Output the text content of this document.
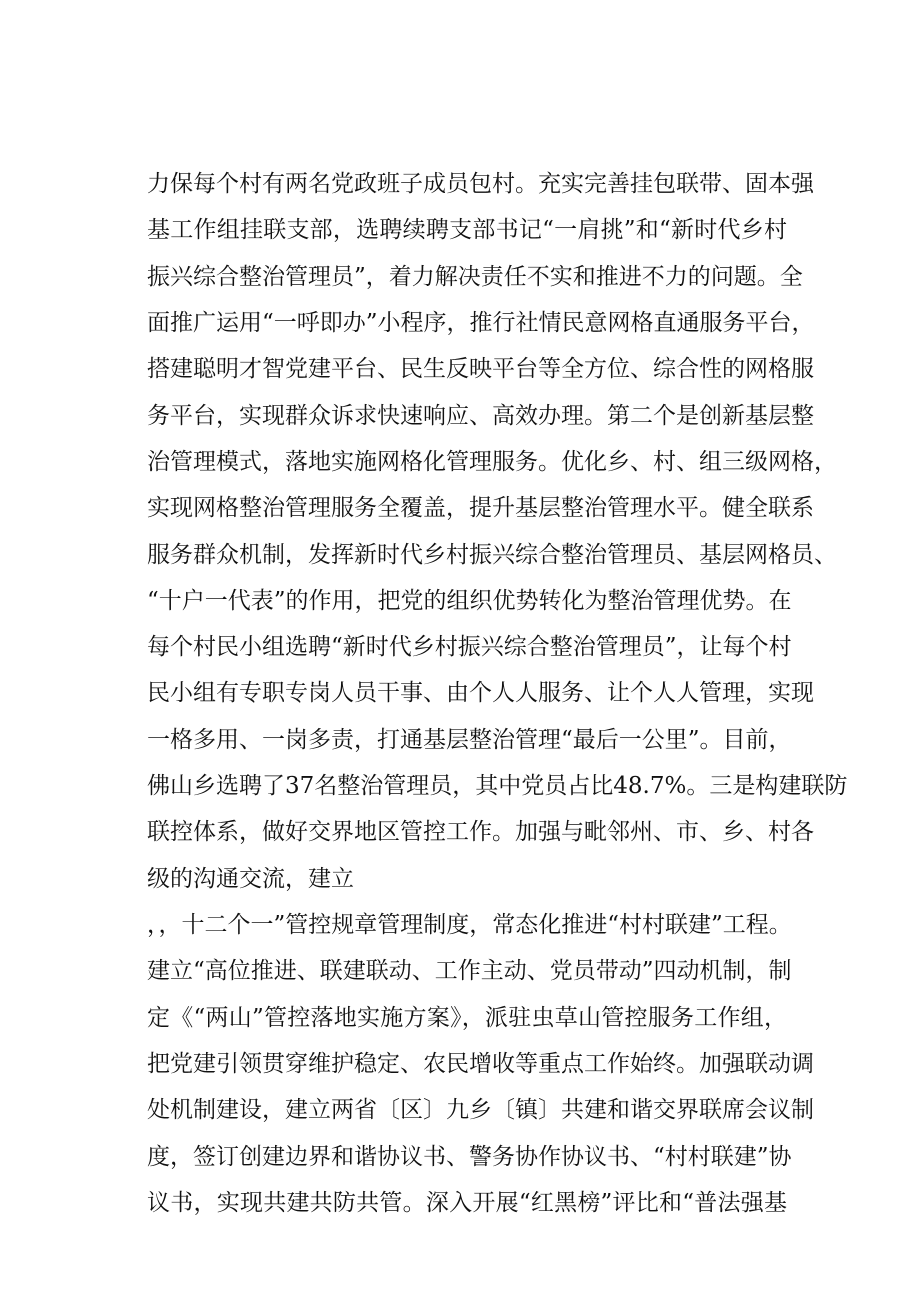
力保每个村有两名党政班子成员包村。充实完善挂包联带、固本强
基工作组挂联支部，选聘续聘支部书记“一肩挑”和“新时代乡村
振兴综合整治管理员”，着力解决责任不实和推进不力的问题。全
面推广运用“一呼即办”小程序，推行社情民意网格直通服务平台，
搭建聪明才智党建平台、民生反映平台等全方位、综合性的网格服
务平台，实现群众诉求快速响应、高效办理。第二个是创新基层整
治管理模式，落地实施网格化管理服务。优化乡、村、组三级网格，
实现网格整治管理服务全覆盖，提升基层整治管理水平。健全联系
服务群众机制，发挥新时代乡村振兴综合整治管理员、基层网格员、
“十户一代表”的作用，把党的组织优势转化为整治管理优势。在
每个村民小组选聘“新时代乡村振兴综合整治管理员”，让每个村
民小组有专职专岗人员干事、由个人人服务、让个人人管理，实现
一格多用、一岗多责，打通基层整治管理“最后一公里”。目前，
佛山乡选聘了37名整治管理员，其中党员占比48.7%。三是构建联防
联控体系，做好交界地区管控工作。加强与毗邻州、市、乡、村各
级的沟通交流，建立
，，十二个一”管控规章管理制度，常态化推进“村村联建”工程。
建立“高位推进、联建联动、工作主动、党员带动”四动机制，制
定《“两山”管控落地实施方案》，派驻虫草山管控服务工作组，
把党建引领贯穿维护稳定、农民增收等重点工作始终。加强联动调
处机制建设，建立两省〔区〕九乡〔镇〕共建和谐交界联席会议制
度，签订创建边界和谐协议书、警务协作协议书、“村村联建”协
议书，实现共建共防共管。深入开展“红黑榜”评比和“普法强基
